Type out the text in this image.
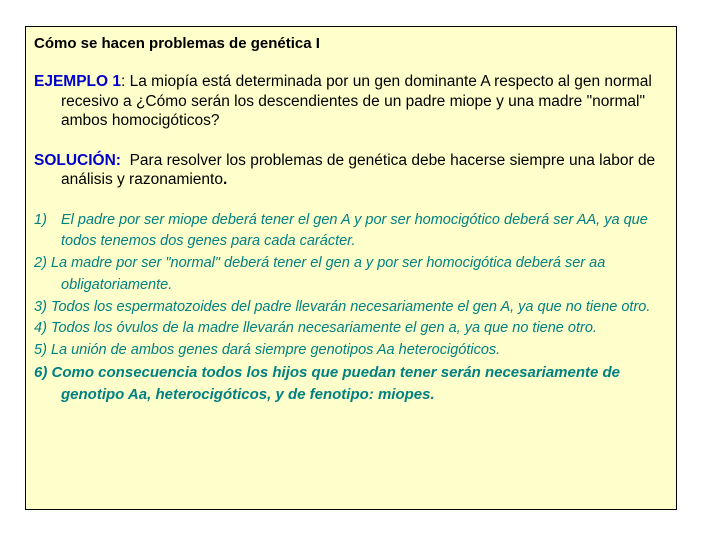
Cómo se hacen problemas de genética I
EJEMPLO 1: La miopía está determinada por un gen dominante A respecto al gen normal recesivo a ¿Cómo serán los descendientes de un padre miope y una madre "normal" ambos homocigóticos?
SOLUCIÓN: Para resolver los problemas de genética debe hacerse siempre una labor de análisis y razonamiento.
1) El padre por ser miope deberá tener el gen A y por ser homocigótico deberá ser AA, ya que todos tenemos dos genes para cada carácter.
2) La madre por ser "normal" deberá tener el gen a y por ser homocigótica deberá ser aa obligatoriamente.
3) Todos los espermatozoides del padre llevarán necesariamente el gen A, ya que no tiene otro.
4) Todos los óvulos de la madre llevarán necesariamente el gen a, ya que no tiene otro.
5) La unión de ambos genes dará siempre genotipos Aa heterocigóticos.
6) Como consecuencia todos los hijos que puedan tener serán necesariamente de genotipo Aa, heterocigóticos, y de fenotipo: miopes.
